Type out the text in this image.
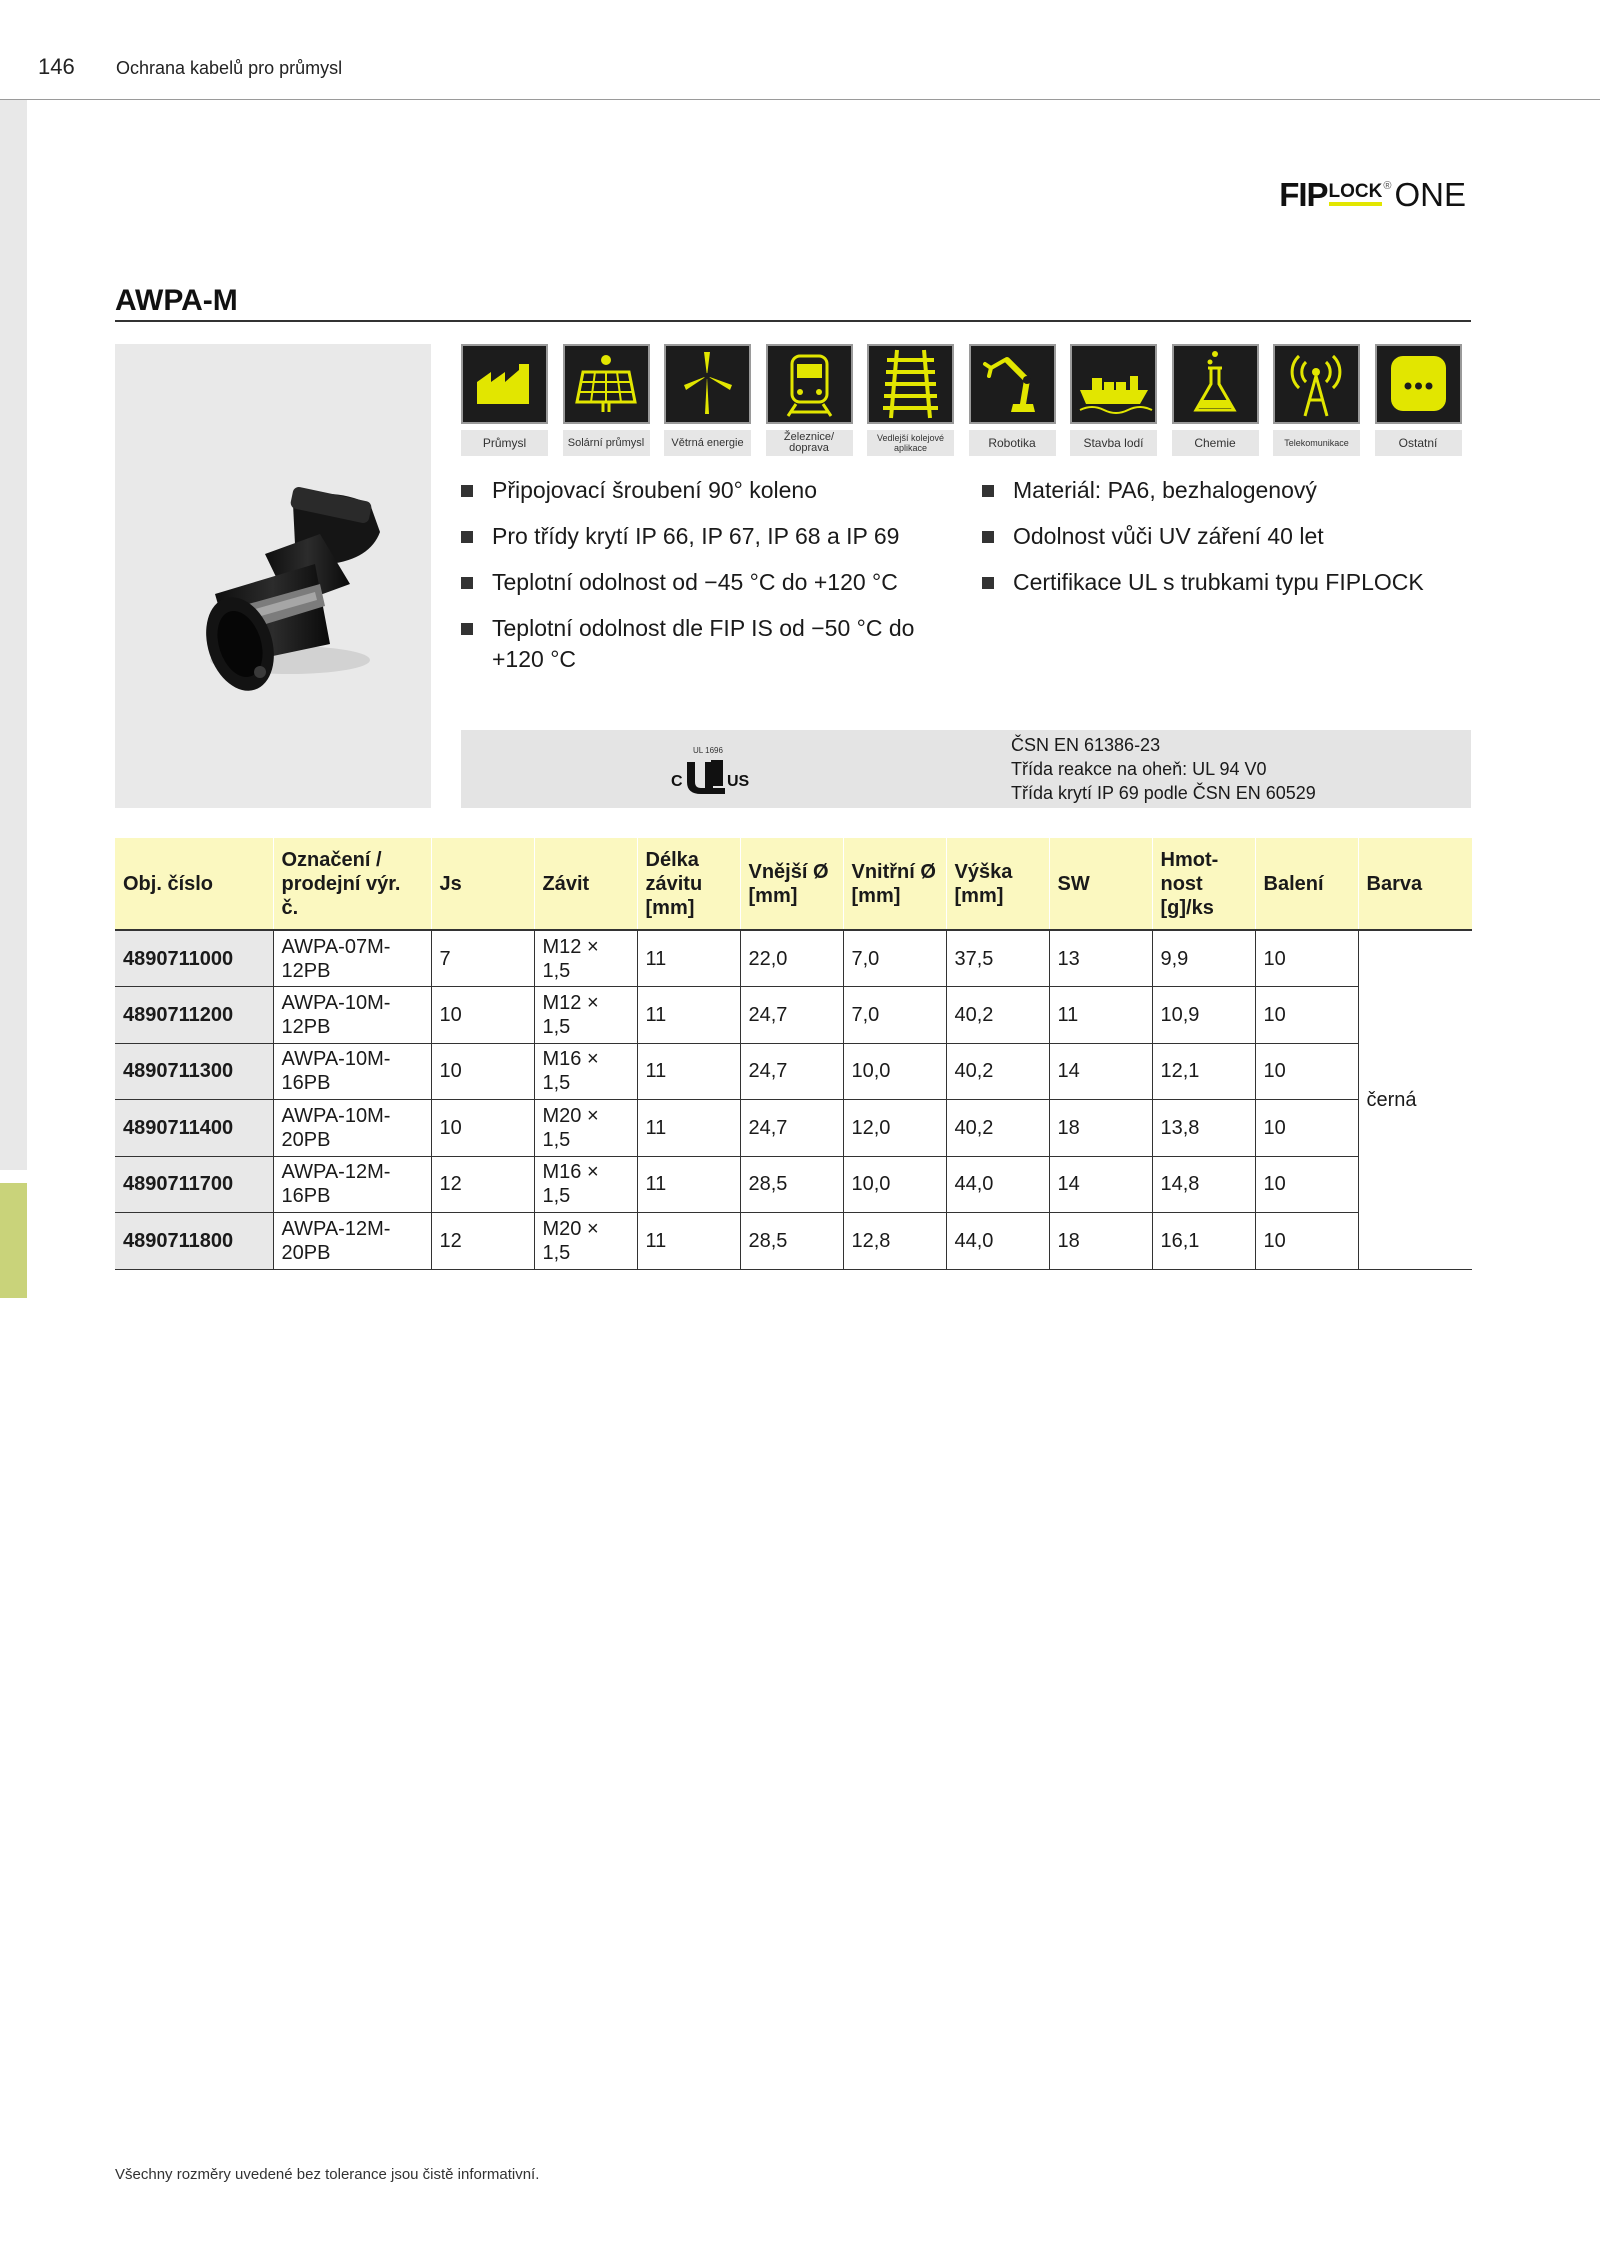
146 Ochrana kabelů pro průmysl
FIP LOCK ® ONE
AWPA-M
Průmysl	Solární průmysl	Větrná energie	Železnice/ doprava
Vedlejší kolejové aplikace	Robotika	Stavba lodí	Chemie	Telekomunikace	Ostatní
Připojovací šroubení 90° koleno
Pro třídy krytí IP 66, IP 67, IP 68 a IP 69
Teplotní odolnost od −45 °C do +120 °C
Teplotní odolnost dle FIP IS od −50 °C do +120 °C
Materiál: PA6, bezhalogenový
Odolnost vůči UV záření 40 let
Certifikace UL s trubkami typu FIPLOCK
UL 1696
C	US
ČSN EN 61386-23
Třída reakce na oheň: UL 94 V0
Třída krytí IP 69 podle ČSN EN 60529
Obj. číslo	Označení / prodejní výr. č.	Js	Závit	Délka závitu [mm]	Vnější Ø [mm]	Vnitřní Ø [mm]	Výška [mm]	SW	Hmot-nost [g]/ks	Balení	Barva
4890711000	AWPA-07M-12PB	7	M12 × 1,5	11	22,0	7,0	37,5	13	9,9	10	černá
4890711200	AWPA-10M-12PB	10	M12 × 1,5	11	24,7	7,0	40,2	11	10,9	10	
4890711300	AWPA-10M-16PB	10	M16 × 1,5	11	24,7	10,0	40,2	14	12,1	10	
4890711400	AWPA-10M-20PB	10	M20 × 1,5	11	24,7	12,0	40,2	18	13,8	10	
4890711700	AWPA-12M-16PB	12	M16 × 1,5	11	28,5	10,0	44,0	14	14,8	10	
4890711800	AWPA-12M-20PB	12	M20 × 1,5	11	28,5	12,8	44,0	18	16,1	10	
Všechny rozměry uvedené bez tolerance jsou čistě informativní.
